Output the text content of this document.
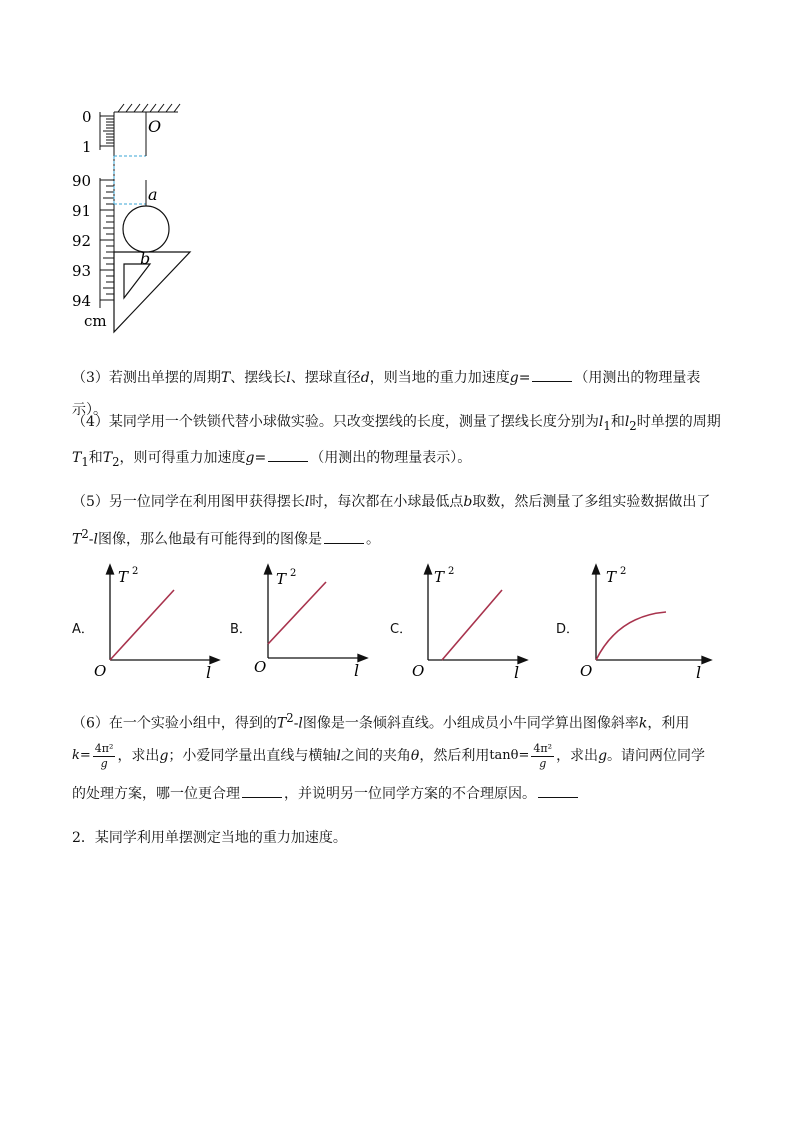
O
a
b
0
1
90
91
92
93
94
cm
（3）若测出单摆的周期T、摆线长l、摆球直径d，则当地的重力加速度g=	（用测出的物理量表示）。
（4）某同学用一个铁锁代替小球做实验。只改变摆线的长度，测量了摆线长度分别为$l_1$和$l_2$时单摆的周期
$T_1$和$T_2$，则可得重力加速度g=	（用测出的物理量表示）。
（5）另一位同学在利用图甲获得摆长l时，每次都在小球最低点b取数，然后测量了多组实验数据做出了
$T^2-l$图像，那么他最有可能得到的图像是	。
A．
T 2
O	l
B．
T 2
O	l
C．
T 2
O	l
D．
T 2
O	l
（6）在一个实验小组中，得到的$T^2-l$图像是一条倾斜直线。小组成员小牛同学算出图像斜率k，利用
$k= \frac{\text{4π²}}{g}$ ，求出g；小爱同学量出直线与横轴l之间的夹角θ，然后利用$\tan\theta= \frac{\text{4π²}}{g}$ ，求出g。请问两位同学
的处理方案，哪一位更合理	，并说明另一位同学方案的不合理原因。
2．某同学利用单摆测定当地的重力加速度。
